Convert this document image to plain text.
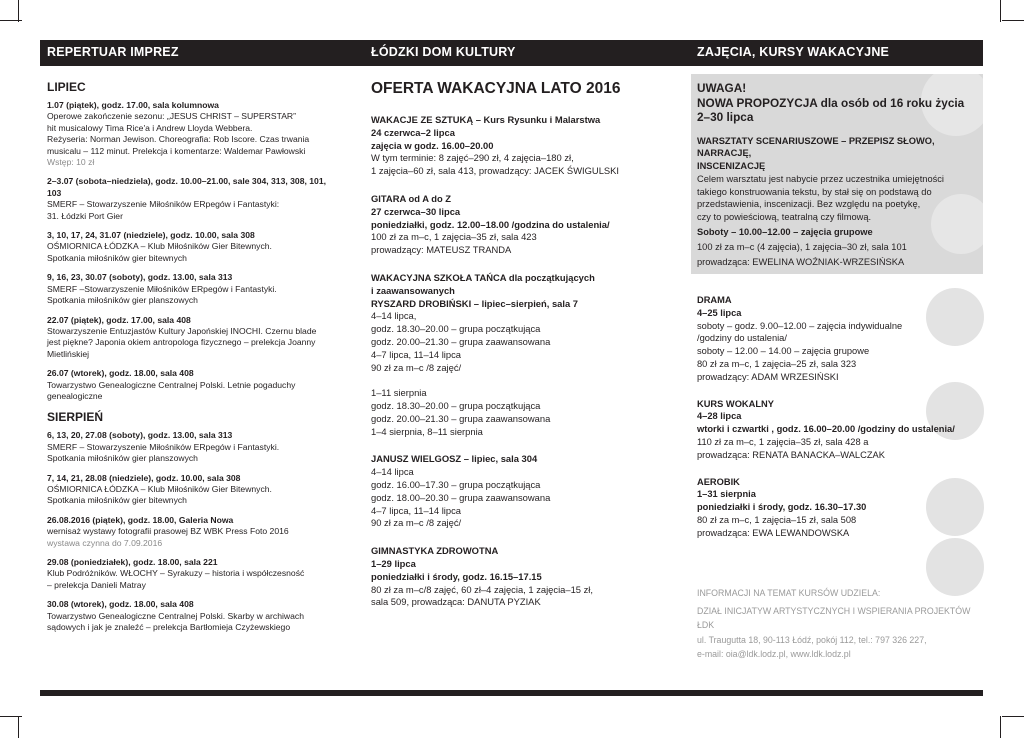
REPERTUAR IMPREZ	ŁÓDZKI DOM KULTURY	ZAJĘCIA, KURSY WAKACYJNE
LIPIEC
1.07 (piątek), godz. 17.00, sala kolumnowa
Operowe zakończenie sezonu: „JESUS CHRIST – SUPERSTAR”
hit musicalowy Tima Rice'a i Andrew Lloyda Webbera.
Reżyseria: Norman Jewison. Choreografia: Rob Iscore. Czas trwania
musicalu – 112 minut. Prelekcja i komentarze: Waldemar Pawłowski
Wstęp: 10 zł
2–3.07 (sobota–niedziela), godz. 10.00–21.00, sale 304, 313, 308, 101, 103
SMERF – Stowarzyszenie Miłośników ERpegów i Fantastyki:
31. Łódzki Port Gier
3, 10, 17, 24, 31.07 (niedziele), godz. 10.00, sala 308
OŚMIORNICA ŁÓDZKA – Klub Miłośników Gier Bitewnych.
Spotkania miłośników gier bitewnych
9, 16, 23, 30.07 (soboty), godz. 13.00, sala 313
SMERF –Stowarzyszenie Miłośników ERpegów i Fantastyki.
Spotkania miłośników gier planszowych
22.07 (piątek), godz. 17.00, sala 408
Stowarzyszenie Entuzjastów Kultury Japońskiej INOCHI. Czernu blade
jest piękne? Japonia okiem antropologa fizycznego – prelekcja Joanny
Mietlińskiej
26.07 (wtorek), godz. 18.00, sala 408
Towarzystwo Genealogiczne Centralnej Polski. Letnie pogaduchy
genealogiczne
SIERPIEŃ
6, 13, 20, 27.08 (soboty), godz. 13.00, sala 313
SMERF – Stowarzyszenie Miłośników ERpegów i Fantastyki.
Spotkania miłośników gier planszowych
7, 14, 21, 28.08 (niedziele), godz. 10.00, sala 308
OŚMIORNICA ŁÓDZKA – Klub Miłośników Gier Bitewnych.
Spotkania miłośników gier bitewnych
26.08.2016 (piątek), godz. 18.00, Galeria Nowa
wernisaż wystawy fotografii prasowej BZ WBK Press Foto 2016
wystawa czynna do 7.09.2016
29.08 (poniedziałek), godz. 18.00, sala 221
Klub Podróżników. WŁOCHY – Syrakuzy – historia i współczesność
– prelekcja Danieli Matray
30.08 (wtorek), godz. 18.00, sala 408
Towarzystwo Genealogiczne Centralnej Polski. Skarby w archiwach
sądowych i jak je znaleźć – prelekcja Bartłomieja Czyżewskiego
OFERTA WAKACYJNA LATO 2016
WAKACJE ZE SZTUKĄ – Kurs Rysunku i Malarstwa
24 czerwca–2 lipca
zajęcia w godz. 16.00–20.00
W tym terminie: 8 zajęć–290 zł, 4 zajęcia–180 zł,
1 zajęcia–60 zł, sala 413, prowadzący: JACEK ŚWIGULSKI
GITARA od A do Z
27 czerwca–30 lipca
poniedziałki, godz. 12.00–18.00 /godzina do ustalenia/
100 zł za m–c, 1 zajęcia–35 zł, sala 423
prowadzący: MATEUSZ TRANDA
WAKACYJNA SZKOŁA TAŃCA dla początkujących
i zaawansowanych
RYSZARD DROBIŃSKI – lipiec–sierpień, sala 7
4–14 lipca,
godz. 18.30–20.00 – grupa początkująca
godz. 20.00–21.30 – grupa zaawansowana
4–7 lipca, 11–14 lipca
90 zł za m–c /8 zajęć/
1–11 sierpnia
godz. 18.30–20.00 – grupa początkująca
godz. 20.00–21.30 – grupa zaawansowana
1–4 sierpnia, 8–11 sierpnia
JANUSZ WIELGOSZ – lipiec, sala 304
4–14 lipca
godz. 16.00–17.30 – grupa początkująca
godz. 18.00–20.30 – grupa zaawansowana
4–7 lipca, 11–14 lipca
90 zł za m–c /8 zajęć/
GIMNASTYKA ZDROWOTNA
1–29 lipca
poniedziałki i środy, godz. 16.15–17.15
80 zł za m–c/8 zajęć, 60 zł–4 zajęcia, 1 zajęcia–15 zł,
sala 509, prowadząca: DANUTA PYZIAK
UWAGA!
NOWA PROPOZYCJA dla osób od 16 roku życia
2–30 lipca
WARSZTATY SCENARIUSZOWE – PRZEPISZ SŁOWO, NARRACJĘ,
INSCENIZACJĘ
Celem warsztatu jest nabycie przez uczestnika umiejętności
takiego konstruowania tekstu, by stał się on podstawą do
przedstawienia, inscenizacji. Bez względu na poetykę,
czy to powieściową, teatralną czy filmową.
Soboty – 10.00–12.00 – zajęcia grupowe
100 zł za m–c (4 zajęcia), 1 zajęcia–30 zł, sala 101
prowadząca: EWELINA WOŹNIAK-WRZESIŃSKA
DRAMA
4–25 lipca
soboty – godz. 9.00–12.00 – zajęcia indywidualne
/godziny do ustalenia/
soboty – 12.00 – 14.00 – zajęcia grupowe
80 zł za m–c, 1 zajęcia–25 zł, sala 323
prowadzący: ADAM WRZESIŃSKI
KURS WOKALNY
4–28 lipca
wtorki i czwartki , godz. 16.00–20.00 /godziny do ustalenia/
110 zł za m–c, 1 zajęcia–35 zł, sala 428 a
prowadząca: RENATA BANACKA–WALCZAK
AEROBIK
1–31 sierpnia
poniedziałki i środy, godz. 16.30–17.30
80 zł za m–c, 1 zajęcia–15 zł, sala 508
prowadząca: EWA LEWANDOWSKA
INFORMACJI NA TEMAT KURSÓW UDZIELA:
DZIAŁ INICJATYW ARTYSTYCZNYCH I WSPIERANIA PROJEKTÓW ŁDK
ul. Traugutta 18, 90-113 Łódź, pokój 112, tel.: 797 326 227,
e-mail: oia@ldk.lodz.pl, www.ldk.lodz.pl
